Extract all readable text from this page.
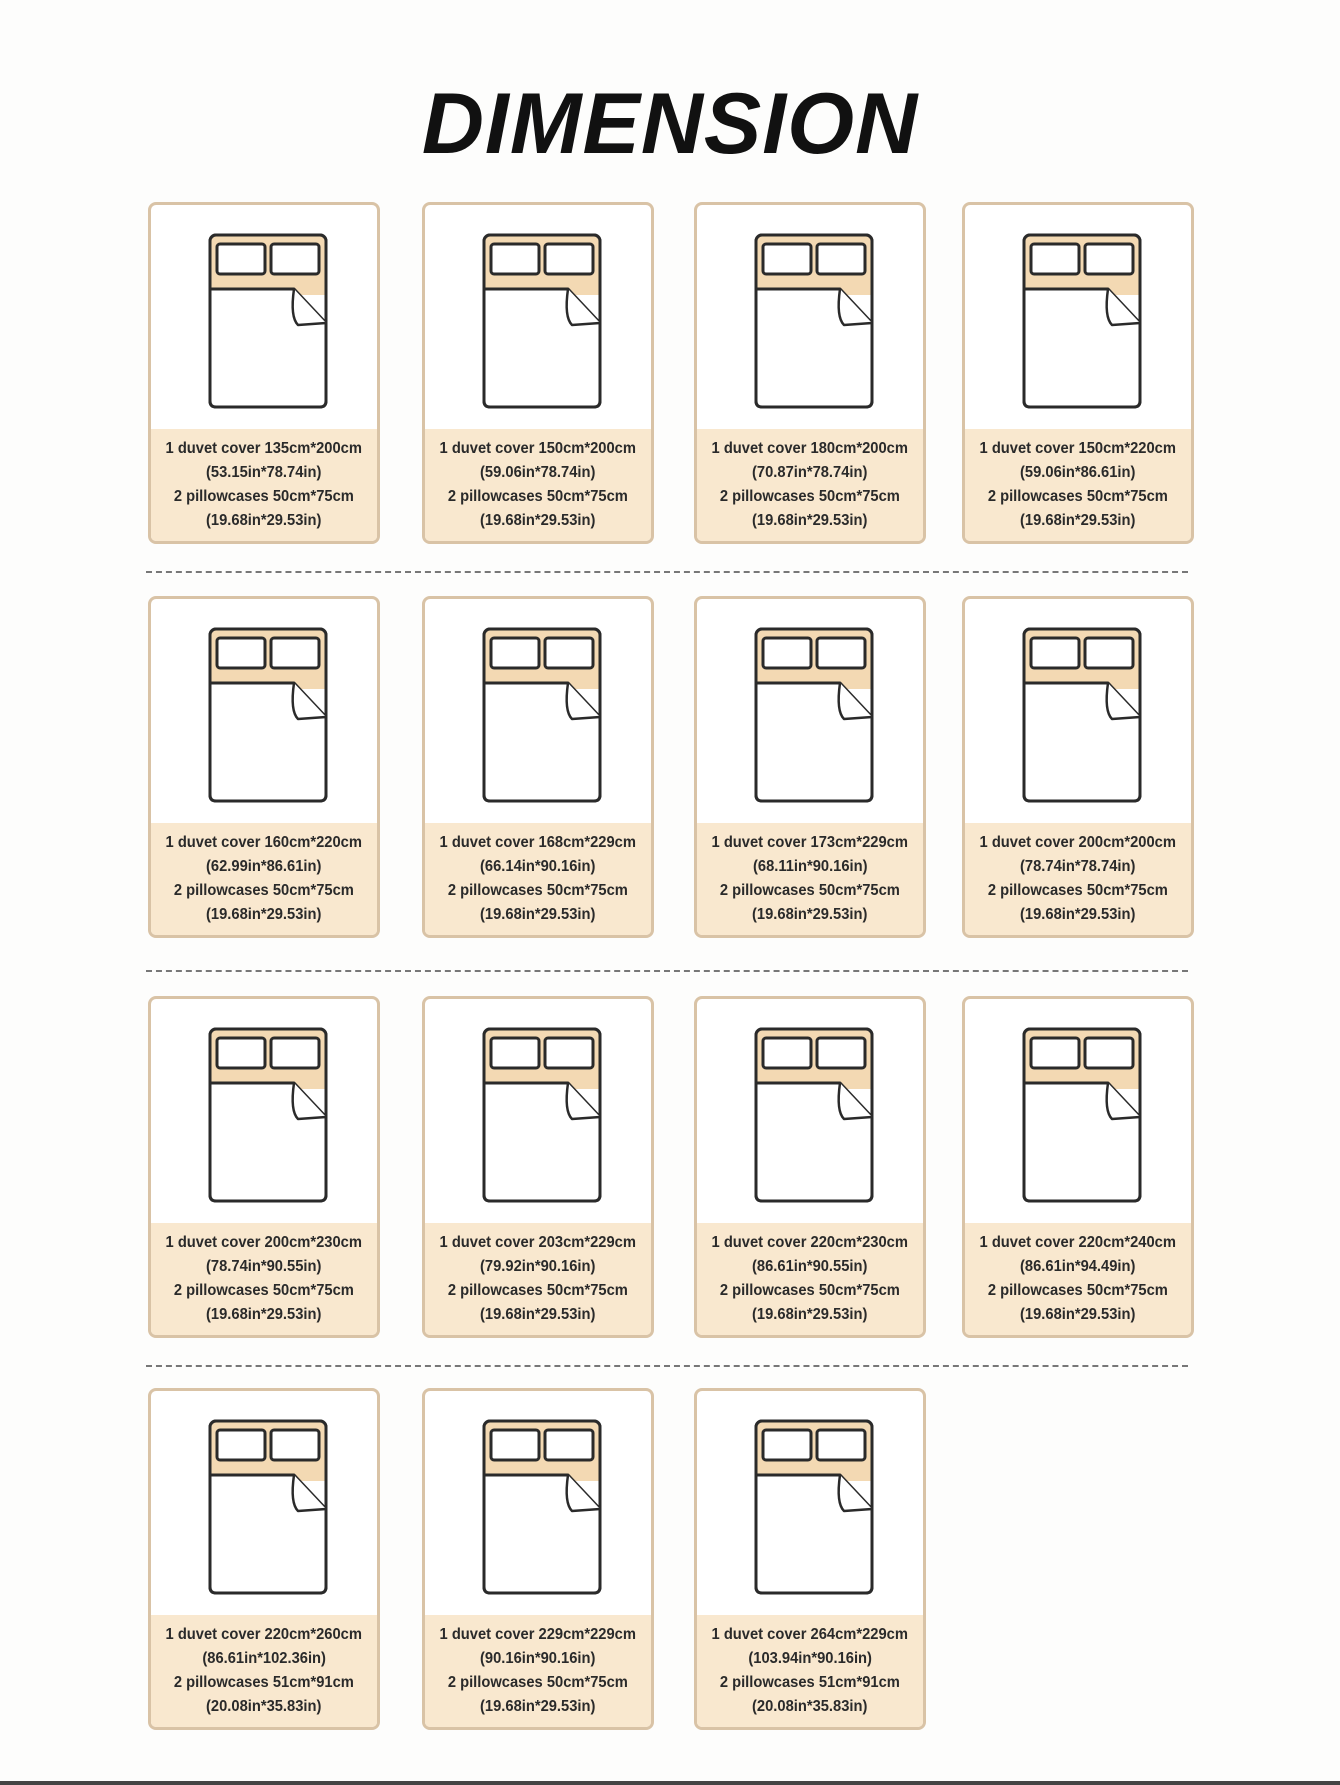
DIMENSION
1 duvet cover 135cm*200cm
(53.15in*78.74in)
2 pillowcases 50cm*75cm
(19.68in*29.53in)
1 duvet cover 150cm*200cm
(59.06in*78.74in)
2 pillowcases 50cm*75cm
(19.68in*29.53in)
1 duvet cover 180cm*200cm
(70.87in*78.74in)
2 pillowcases 50cm*75cm
(19.68in*29.53in)
1 duvet cover 150cm*220cm
(59.06in*86.61in)
2 pillowcases 50cm*75cm
(19.68in*29.53in)
1 duvet cover 160cm*220cm
(62.99in*86.61in)
2 pillowcases 50cm*75cm
(19.68in*29.53in)
1 duvet cover 168cm*229cm
(66.14in*90.16in)
2 pillowcases 50cm*75cm
(19.68in*29.53in)
1 duvet cover 173cm*229cm
(68.11in*90.16in)
2 pillowcases 50cm*75cm
(19.68in*29.53in)
1 duvet cover 200cm*200cm
(78.74in*78.74in)
2 pillowcases 50cm*75cm
(19.68in*29.53in)
1 duvet cover 200cm*230cm
(78.74in*90.55in)
2 pillowcases 50cm*75cm
(19.68in*29.53in)
1 duvet cover 203cm*229cm
(79.92in*90.16in)
2 pillowcases 50cm*75cm
(19.68in*29.53in)
1 duvet cover 220cm*230cm
(86.61in*90.55in)
2 pillowcases 50cm*75cm
(19.68in*29.53in)
1 duvet cover 220cm*240cm
(86.61in*94.49in)
2 pillowcases 50cm*75cm
(19.68in*29.53in)
1 duvet cover 220cm*260cm
(86.61in*102.36in)
2 pillowcases 51cm*91cm
(20.08in*35.83in)
1 duvet cover 229cm*229cm
(90.16in*90.16in)
2 pillowcases 50cm*75cm
(19.68in*29.53in)
1 duvet cover 264cm*229cm
(103.94in*90.16in)
2 pillowcases 51cm*91cm
(20.08in*35.83in)
